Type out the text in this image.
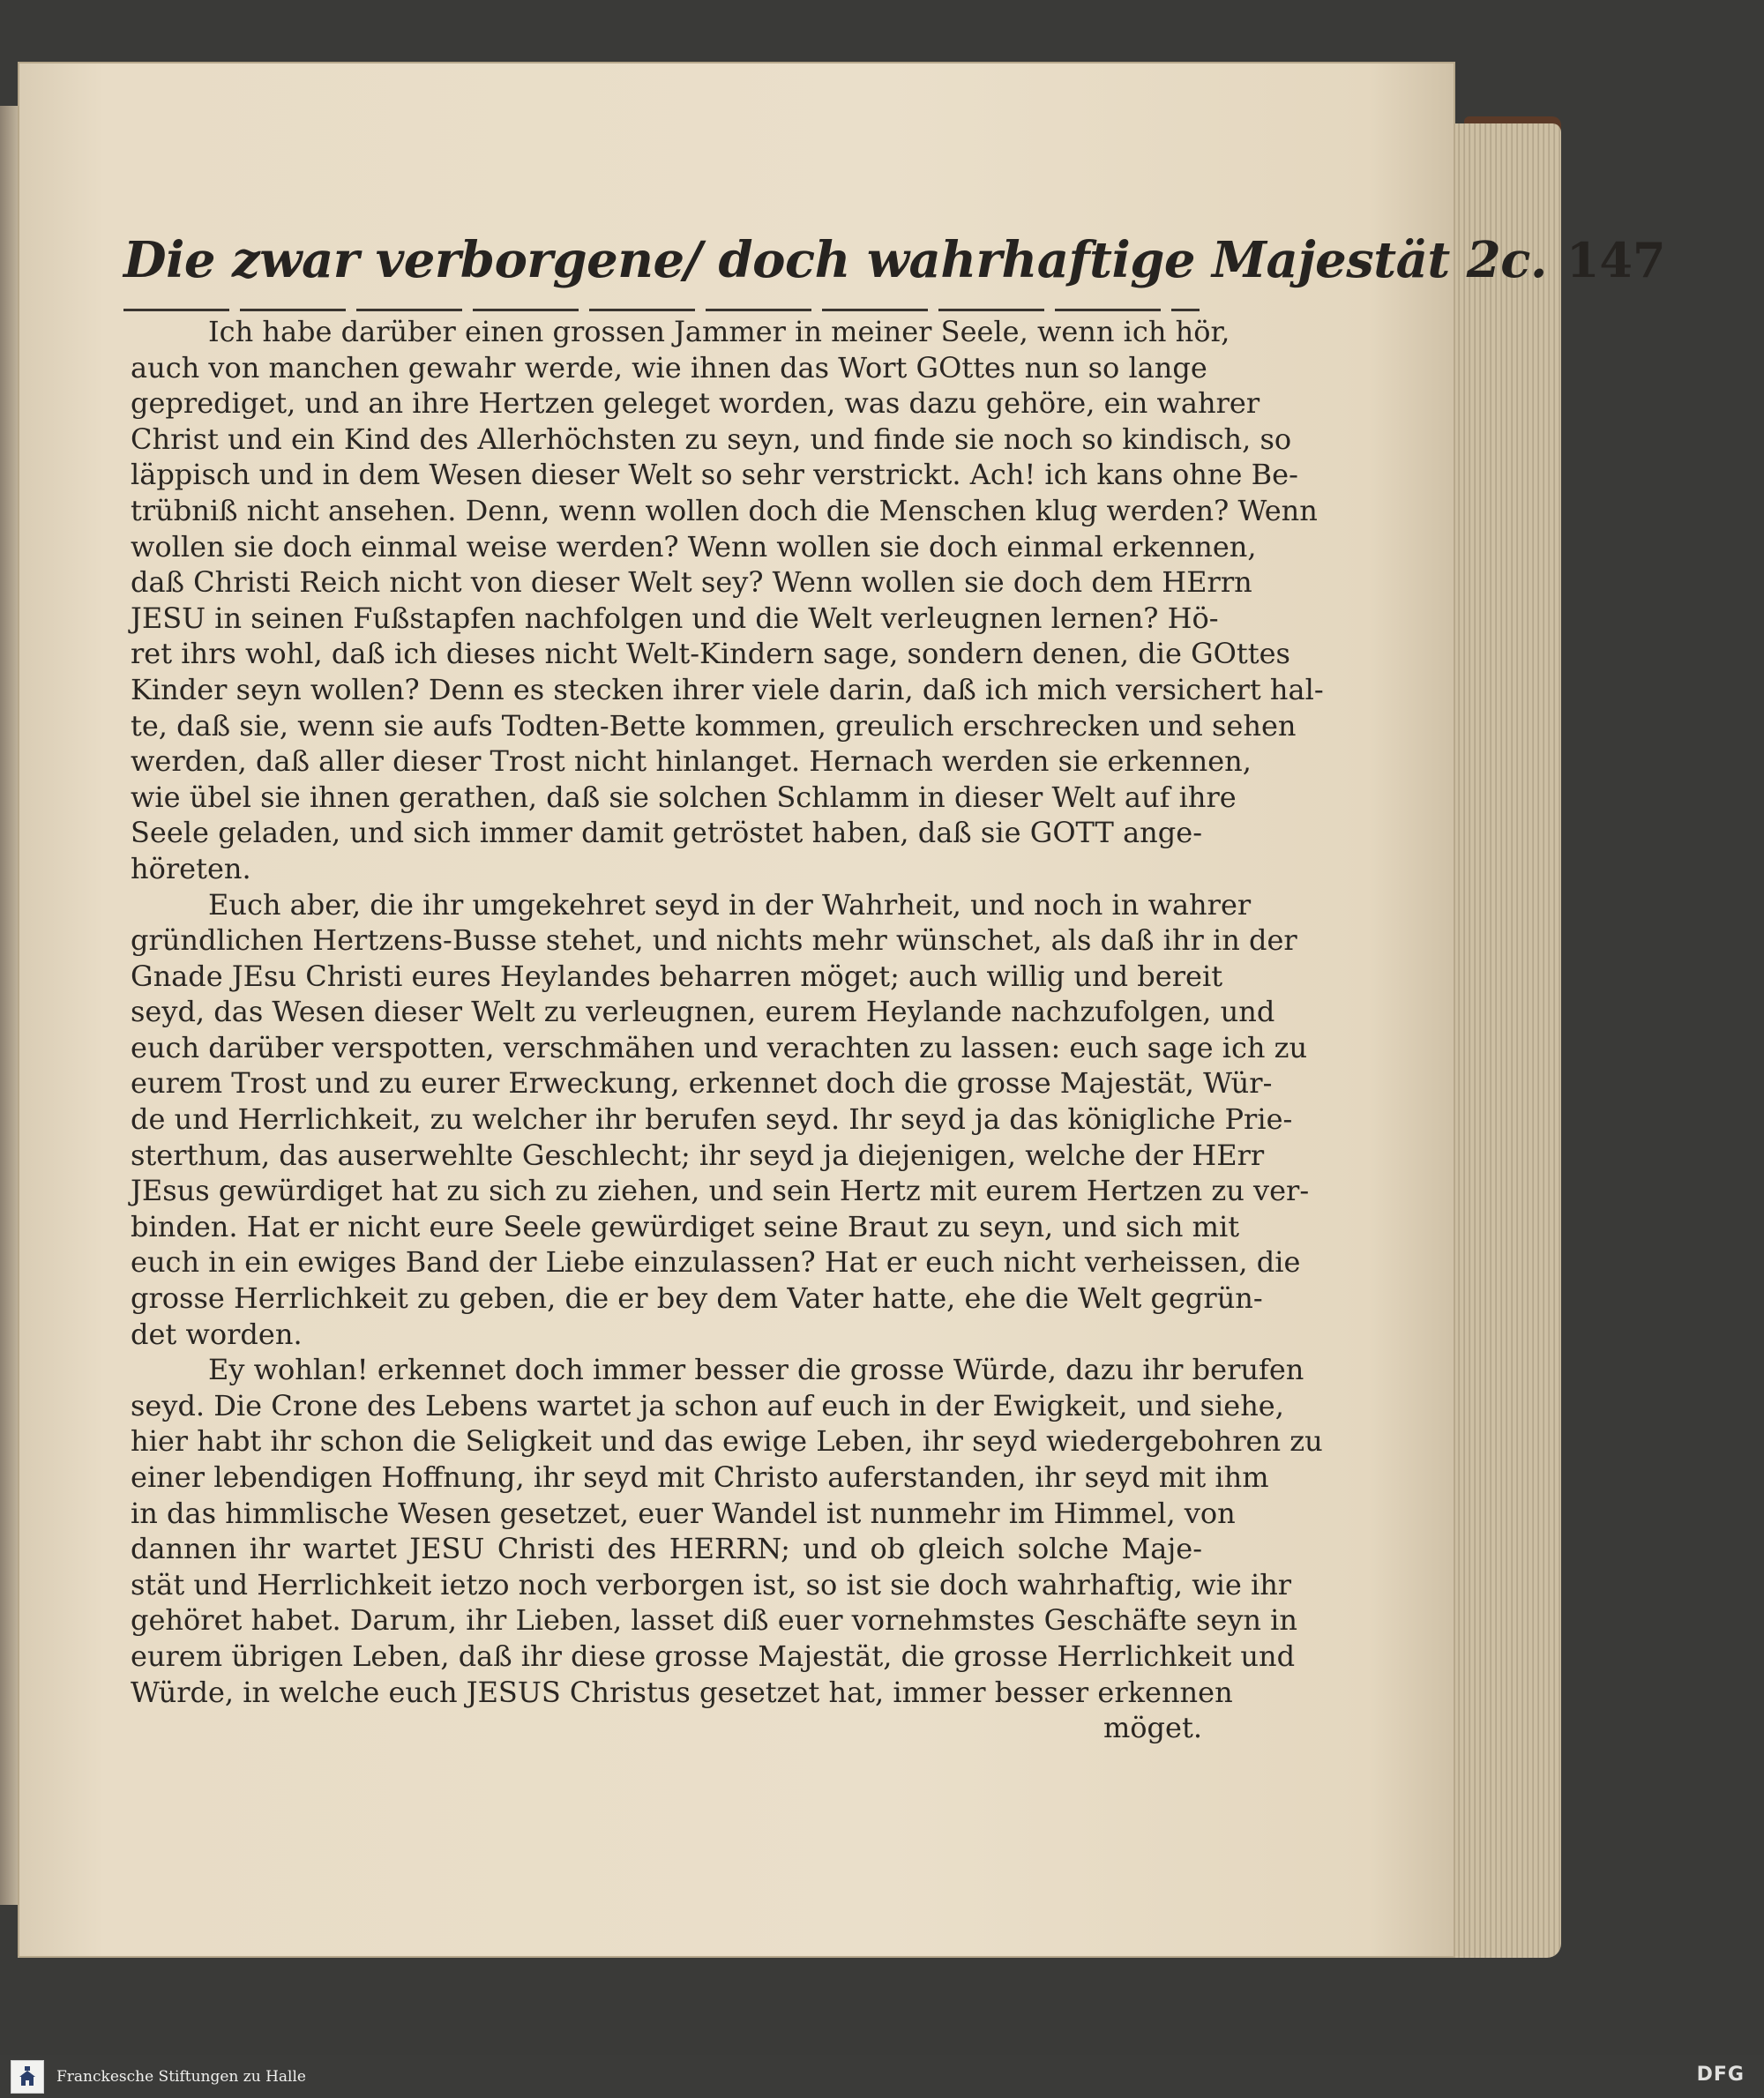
Die zwar verborgene/ doch wahrhaftige Majestät 2c. 147
Ich habe darüber einen grossen Jammer in meiner Seele, wenn ich hör,
auch von manchen gewahr werde, wie ihnen das Wort GOttes nun so lange
geprediget, und an ihre Hertzen geleget worden, was dazu gehöre, ein wahrer
Christ und ein Kind des Allerhöchsten zu seyn, und finde sie noch so kindisch, so
läppisch und in dem Wesen dieser Welt so sehr verstrickt. Ach! ich kans ohne Be-
trübniß nicht ansehen. Denn, wenn wollen doch die Menschen klug werden? Wenn
wollen sie doch einmal weise werden? Wenn wollen sie doch einmal erkennen,
daß Christi Reich nicht von dieser Welt sey? Wenn wollen sie doch dem HErrn
JESU in seinen Fußstapfen nachfolgen und die Welt verleugnen lernen? Hö-
ret ihrs wohl, daß ich dieses nicht Welt-Kindern sage, sondern denen, die GOttes
Kinder seyn wollen? Denn es stecken ihrer viele darin, daß ich mich versichert hal-
te, daß sie, wenn sie aufs Todten-Bette kommen, greulich erschrecken und sehen
werden, daß aller dieser Trost nicht hinlanget. Hernach werden sie erkennen,
wie übel sie ihnen gerathen, daß sie solchen Schlamm in dieser Welt auf ihre
Seele geladen, und sich immer damit getröstet haben, daß sie GOTT ange-
höreten.
Euch aber, die ihr umgekehret seyd in der Wahrheit, und noch in wahrer
gründlichen Hertzens-Busse stehet, und nichts mehr wünschet, als daß ihr in der
Gnade JEsu Christi eures Heylandes beharren möget; auch willig und bereit
seyd, das Wesen dieser Welt zu verleugnen, eurem Heylande nachzufolgen, und
euch darüber verspotten, verschmähen und verachten zu lassen: euch sage ich zu
eurem Trost und zu eurer Erweckung, erkennet doch die grosse Majestät, Wür-
de und Herrlichkeit, zu welcher ihr berufen seyd. Ihr seyd ja das königliche Prie-
sterthum, das auserwehlte Geschlecht; ihr seyd ja diejenigen, welche der HErr
JEsus gewürdiget hat zu sich zu ziehen, und sein Hertz mit eurem Hertzen zu ver-
binden. Hat er nicht eure Seele gewürdiget seine Braut zu seyn, und sich mit
euch in ein ewiges Band der Liebe einzulassen? Hat er euch nicht verheissen, die
grosse Herrlichkeit zu geben, die er bey dem Vater hatte, ehe die Welt gegrün-
det worden.
Ey wohlan! erkennet doch immer besser die grosse Würde, dazu ihr berufen
seyd. Die Crone des Lebens wartet ja schon auf euch in der Ewigkeit, und siehe,
hier habt ihr schon die Seligkeit und das ewige Leben, ihr seyd wiedergebohren zu
einer lebendigen Hoffnung, ihr seyd mit Christo auferstanden, ihr seyd mit ihm
in das himmlische Wesen gesetzet, euer Wandel ist nunmehr im Himmel, von
dannen ihr wartet JESU Christi des HERRN; und ob gleich solche Maje-
stät und Herrlichkeit ietzo noch verborgen ist, so ist sie doch wahrhaftig, wie ihr
gehöret habet. Darum, ihr Lieben, lasset diß euer vornehmstes Geschäfte seyn in
eurem übrigen Leben, daß ihr diese grosse Majestät, die grosse Herrlichkeit und
Würde, in welche euch JESUS Christus gesetzet hat, immer besser erkennen
möget.
Franckesche Stiftungen zu Halle	DFG
